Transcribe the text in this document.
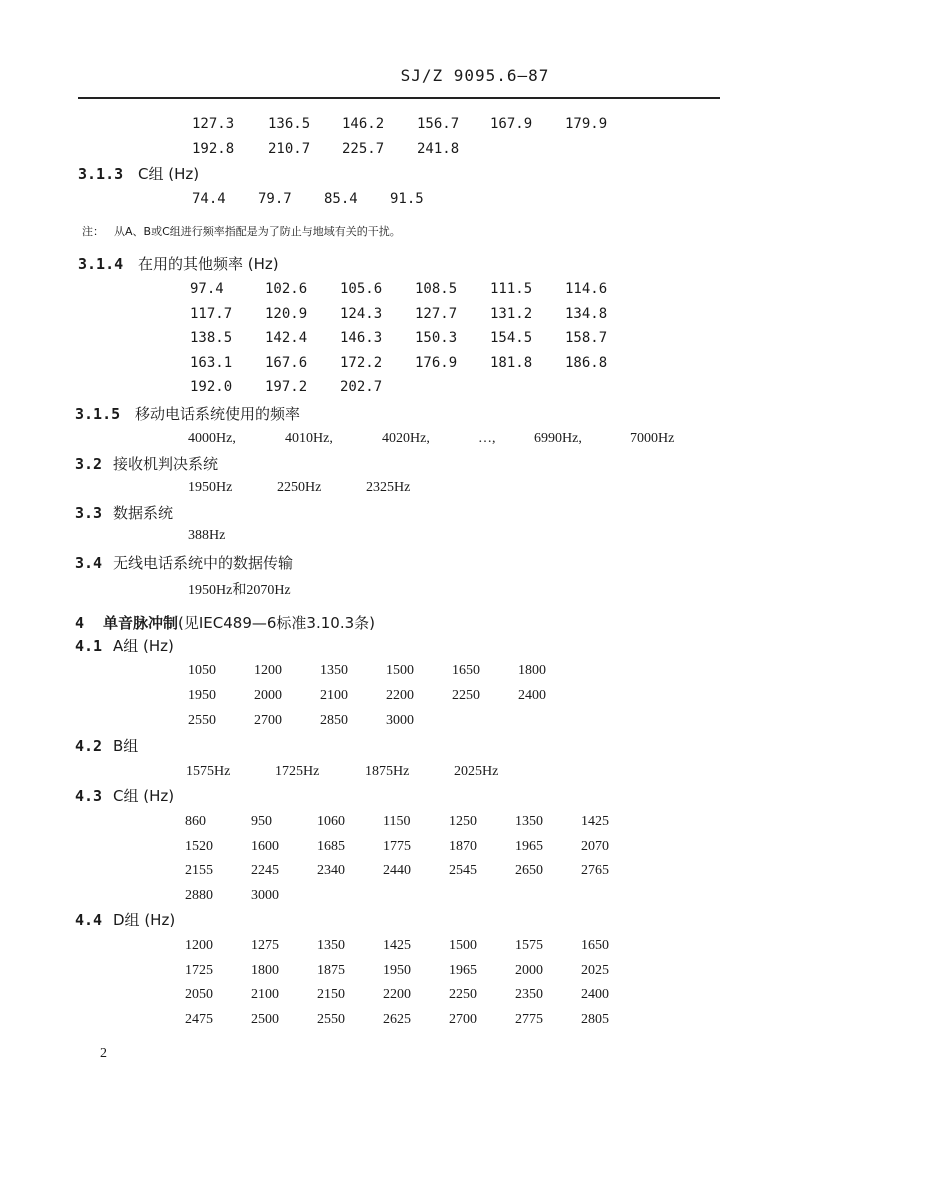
SJ/Z 9095.6—87
127.3 136.5 146.2 156.7 167.9 179.9
192.8 210.7 225.7 241.8
3.1.3 C组 (Hz)
74.4 79.7 85.4 91.5
3.1.4 在用的其他频率 (Hz)
97.4	102.6 105.6 108.5 111.5 114.6
117.7 120.9 124.3 127.7 131.2 134.8
138.5 142.4 146.3 150.3 154.5 158.7
163.1 167.6 172.2 176.9 181.8 186.8
192.0 197.2 202.7
3.1.5 移动电话系统使用的频率
4000Hz,	4010Hz,	4020Hz,	…,	6990Hz,	7000Hz
3.2 接收机判决系统
1950Hz	2250Hz	2325Hz
3.3 数据系统
388Hz
3.4 无线电话系统中的数据传输
1950Hz和2070Hz
4 单音脉冲制(见IEC489—6标准3.10.3条)
4.1 A组 (Hz)
1050	1200	1350	1500	1650	1800
1950	2000	2100	2200	2250	2400
2550	2700	2850	3000
4.2 B组
1575Hz	1725Hz	1875Hz	2025Hz
4.3 C组 (Hz)
860	950	1060	1150	1250	1350	1425
1520	1600	1685	1775	1870	1965	2070
2155	2245	2340	2440	2545	2650	2765
2880	3000
4.4 D组 (Hz)
1200	1275	1350	1425	1500	1575	1650
1725	1800	1875	1950	1965	2000	2025
2050	2100	2150	2200	2250	2350	2400
2475	2500	2550	2625	2700	2775	2805
注： 从A、B或C组进行频率指配是为了防止与地域有关的干扰。
2
